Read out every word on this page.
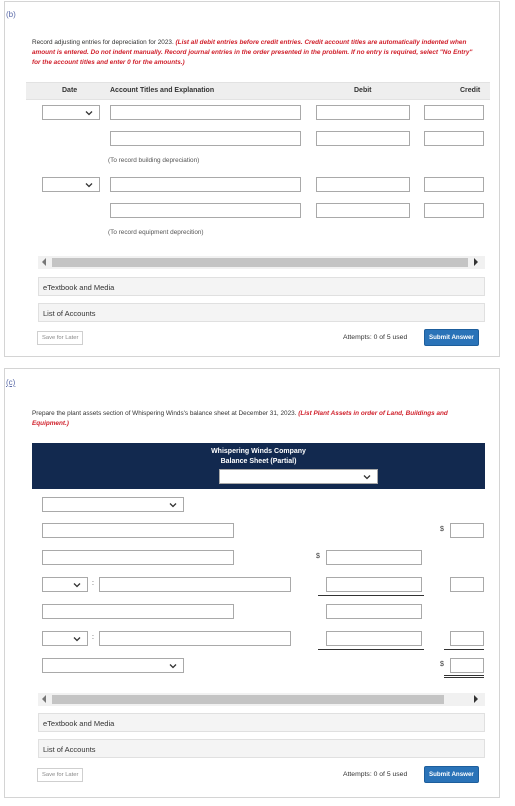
(b)
Record adjusting entries for depreciation for 2023. (List all debit entries before credit entries. Credit account titles are automatically indented when amount is entered. Do not indent manually. Record journal entries in the order presented in the problem. If no entry is required, select "No Entry" for the account titles and enter 0 for the amounts.)
Date	Account Titles and Explanation	Debit	Credit
(To record building depreciation)
(To record equipment deprecition)
eTextbook and Media
List of Accounts
Save for Later	Attempts: 0 of 5 used	Submit Answer
(c)
Prepare the plant assets section of Whispering Winds's balance sheet at December 31, 2023. (List Plant Assets in order of Land, Buildings and Equipment.)
Whispering Winds Company
Balance Sheet (Partial)
$
$
:
:
$
eTextbook and Media
List of Accounts
Save for Later	Attempts: 0 of 5 used	Submit Answer
